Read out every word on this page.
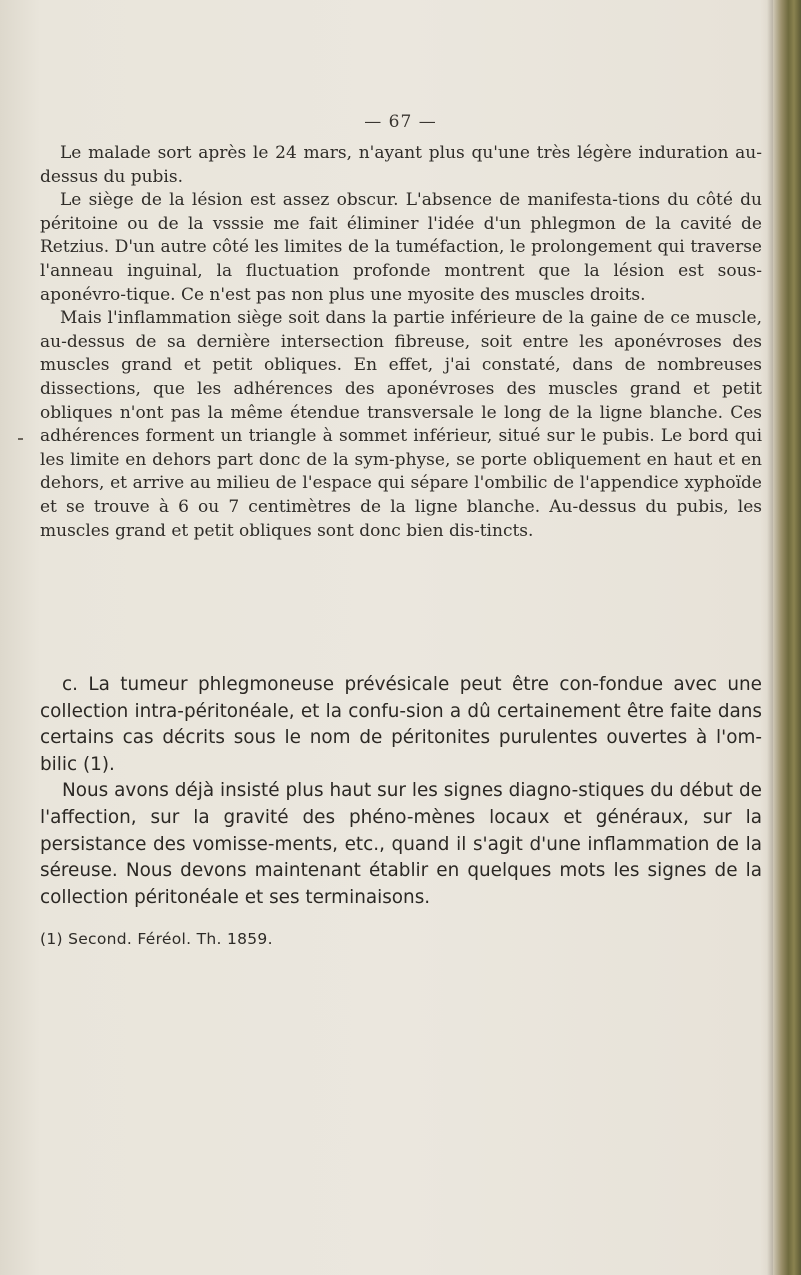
— 67 —

Le malade sort après le 24 mars, n'ayant plus qu'une très légère induration au-dessus du pubis.

Le siège de la lésion est assez obscur. L'absence de manifesta-tions du côté du péritoine ou de la vsssie me fait éliminer l'idée d'un phlegmon de la cavité de Retzius. D'un autre côté les limites de la tuméfaction, le prolongement qui traverse l'anneau inguinal, la fluctuation profonde montrent que la lésion est sous-aponévro-tique. Ce n'est pas non plus une myosite des muscles droits.

Mais l'inflammation siège soit dans la partie inférieure de la gaine de ce muscle, au-dessus de sa dernière intersection fibreuse, soit entre les aponévroses des muscles grand et petit obliques. En effet, j'ai constaté, dans de nombreuses dissections, que les adhérences des aponévroses des muscles grand et petit obliques n'ont pas la même étendue transversale le long de la ligne blanche. Ces adhérences forment un triangle à sommet inférieur, situé sur le pubis. Le bord qui les limite en dehors part donc de la sym-physe, se porte obliquement en haut et en dehors, et arrive au milieu de l'espace qui sépare l'ombilic de l'appendice xyphoïde et se trouve à 6 ou 7 centimètres de la ligne blanche. Au-dessus du pubis, les muscles grand et petit obliques sont donc bien dis-tincts.

c. La tumeur phlegmoneuse prévésicale peut être con-fondue avec une collection intra-péritonéale, et la confu-sion a dû certainement être faite dans certains cas décrits sous le nom de péritonites purulentes ouvertes à l'om-bilic (1).

Nous avons déjà insisté plus haut sur les signes diagno-stiques du début de l'affection, sur la gravité des phéno-mènes locaux et généraux, sur la persistance des vomisse-ments, etc., quand il s'agit d'une inflammation de la séreuse. Nous devons maintenant établir en quelques mots les signes de la collection péritonéale et ses terminaisons.

(1) Second. Féréol. Th. 1859.
